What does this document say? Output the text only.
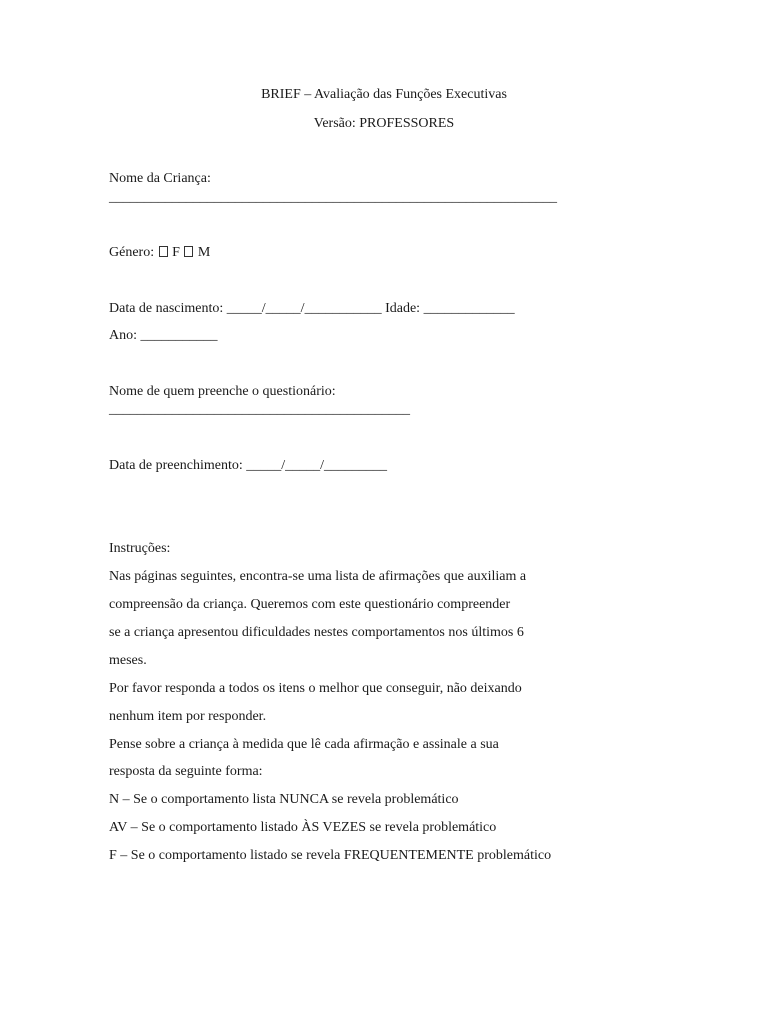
BRIEF – Avaliação das Funções Executivas
Versão: PROFESSORES
Nome da Criança:
________________________________________________________________
Género: F M
Data de nascimento: _____/_____/___________ Idade: _____________
Ano: ___________
Nome de quem preenche o questionário:
___________________________________________
Data de preenchimento: _____/_____/_________
Instruções:
Nas páginas seguintes, encontra-se uma lista de afirmações que auxiliam a
compreensão da criança. Queremos com este questionário compreender
se a criança apresentou dificuldades nestes comportamentos nos últimos 6
meses.
Por favor responda a todos os itens o melhor que conseguir, não deixando
nenhum item por responder.
Pense sobre a criança à medida que lê cada afirmação e assinale a sua
resposta da seguinte forma:
N – Se o comportamento lista NUNCA se revela problemático
AV – Se o comportamento listado ÀS VEZES se revela problemático
F – Se o comportamento listado se revela FREQUENTEMENTE problemático
